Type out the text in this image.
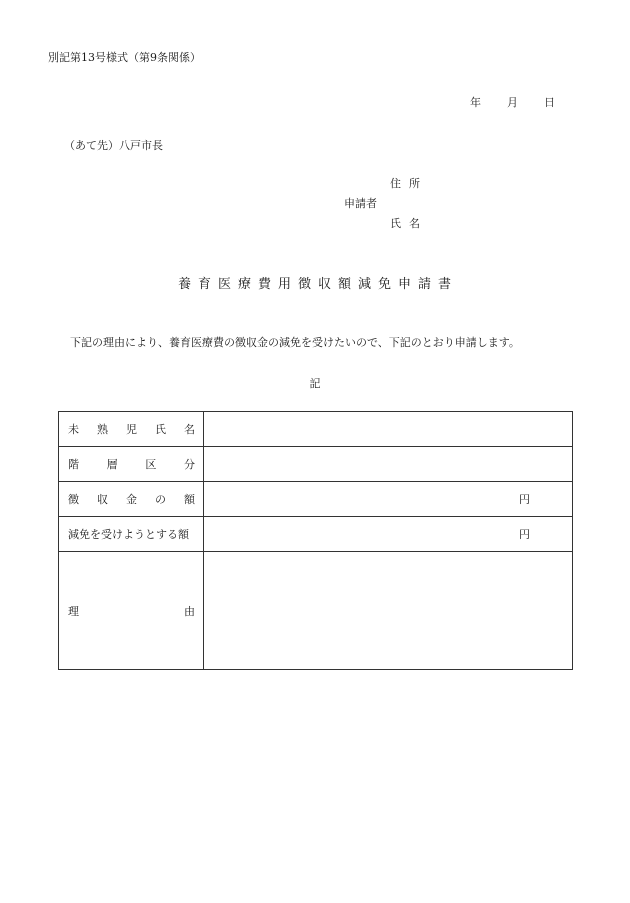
別記第13号様式（第9条関係）
年 月 日
（あて先）八戸市長
住所
申請者
氏名
養育医療費用徴収額減免申請書
下記の理由により、養育医療費の徴収金の減免を受けたいので、下記のとおり申請します。
記
未 熟 児 氏 名	

階 層 区 分	

徴 収 金 の 額	円

減免を受けようとする額	円

理 由	
